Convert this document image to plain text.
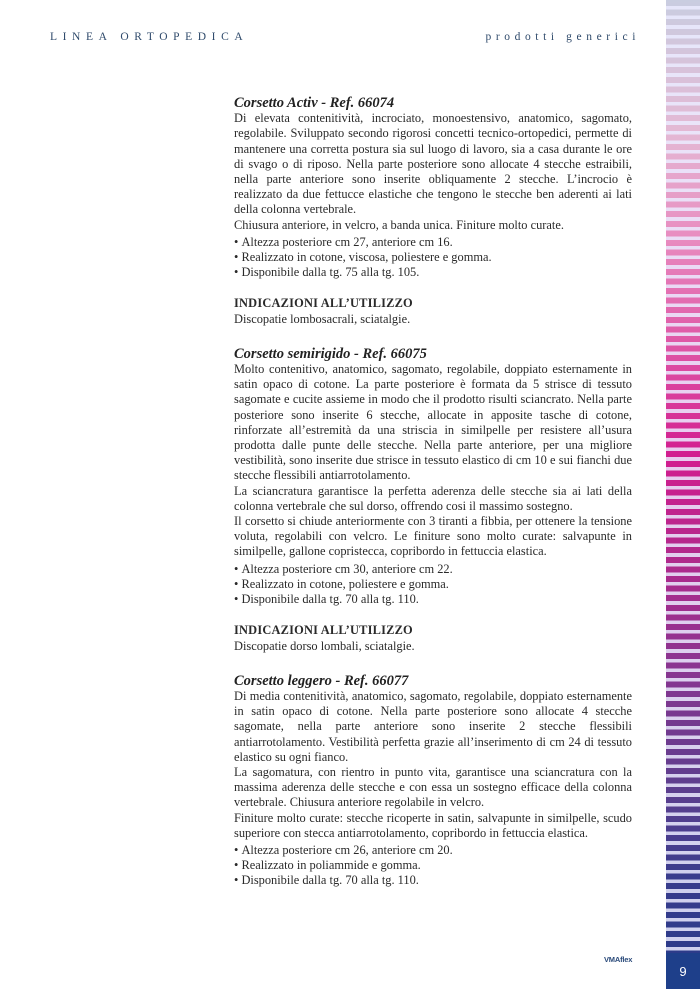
LINEA ORTOPEDICA	prodotti generici
Corsetto Activ - Ref. 66074

Di elevata contenitività, incrociato, monoestensivo, anatomico, sagomato, regolabile. Sviluppato secondo rigorosi concetti tecnico-ortopedici, permette di mantenere una corretta postura sia sul luogo di lavoro, sia a casa durante le ore di svago o di riposo. Nella parte posteriore sono allocate 4 stecche estraibili, nella parte anteriore sono inserite obliquamente 2 stecche. L’incrocio è realizzato da due fettucce elastiche che tengono le stecche ben aderenti ai lati della colonna vertebrale.

Chiusura anteriore, in velcro, a banda unica. Finiture molto curate.

• Altezza posteriore cm 27, anteriore cm 16.
• Realizzato in cotone, viscosa, poliestere e gomma.
• Disponibile dalla tg. 75 alla tg. 105.
INDICAZIONI ALL’UTILIZZO
Discopatie lombosacrali, sciatalgie.
Corsetto semirigido - Ref. 66075

Molto contenitivo, anatomico, sagomato, regolabile, doppiato esternamente in satin opaco di cotone. La parte posteriore è formata da 5 strisce di tessuto sagomate e cucite assieme in modo che il prodotto risulti sciancrato. Nella parte posteriore sono inserite 6 stecche, allocate in apposite tasche di cotone, rinforzate all’estremità da una striscia in similpelle per resistere all’usura prodotta dalle punte delle stecche. Nella parte anteriore, per una migliore vestibilità, sono inserite due strisce in tessuto elastico di cm 10 e sui fianchi due stecche flessibili antiarrotolamento.

La sciancratura garantisce la perfetta aderenza delle stecche sia ai lati della colonna vertebrale che sul dorso, offrendo cosi il massimo sostegno.

Il corsetto si chiude anteriormente con 3 tiranti a fibbia, per ottenere la tensione voluta, regolabili con velcro. Le finiture sono molto curate: salvapunte in similpelle, gallone copristecca, copribordo in fettuccia elastica.

• Altezza posteriore cm 30, anteriore cm 22.
• Realizzato in cotone, poliestere e gomma.
• Disponibile dalla tg. 70 alla tg. 110.
INDICAZIONI ALL’UTILIZZO
Discopatie dorso lombali, sciatalgie.
Corsetto leggero - Ref. 66077

Di media contenitività, anatomico, sagomato, regolabile, doppiato esternamente in satin opaco di cotone. Nella parte posteriore sono allocate 4 stecche sagomate, nella parte anteriore sono inserite 2 stecche flessibili antiarrotolamento. Vestibilità perfetta grazie all’inserimento di cm 24 di tessuto elastico su ogni fianco.

La sagomatura, con rientro in punto vita, garantisce una sciancratura con la massima aderenza delle stecche e con essa un sostegno efficace della colonna vertebrale. Chiusura anteriore regolabile in velcro.

Finiture molto curate: stecche ricoperte in satin, salvapunte in similpelle, scudo superiore con stecca antiarrotolamento, copribordo in fettuccia elastica.

• Altezza posteriore cm 26, anteriore cm 20.
• Realizzato in poliammide e gomma.
• Disponibile dalla tg. 70 alla tg. 110.
VMAflex
9
